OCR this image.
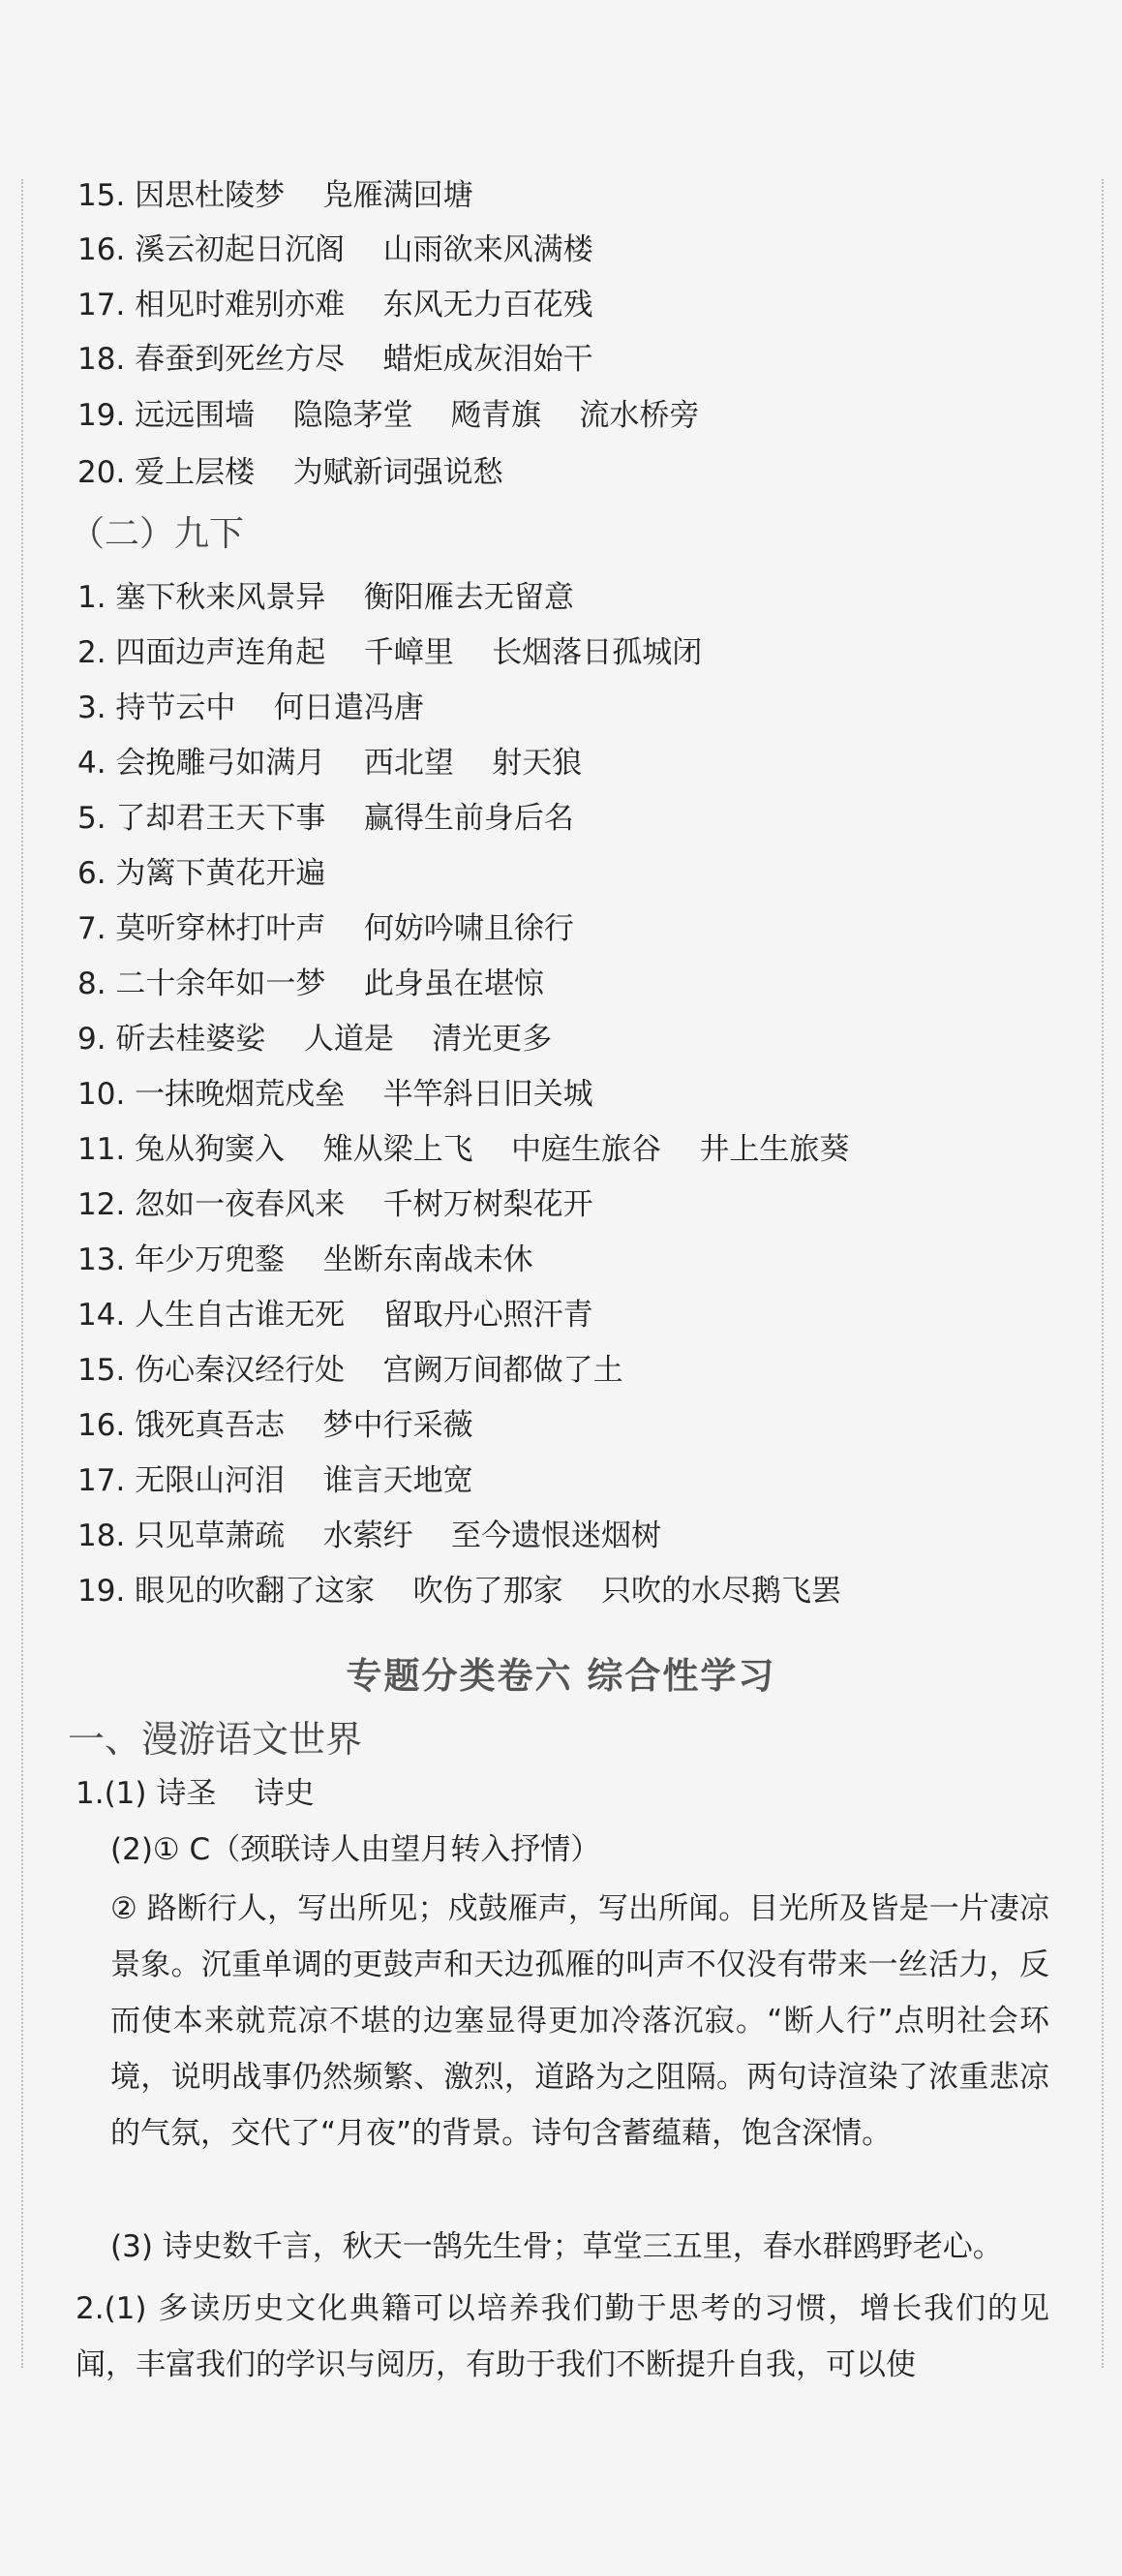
15. 因思杜陵梦    凫雁满回塘
16. 溪云初起日沉阁    山雨欲来风满楼
17. 相见时难别亦难    东风无力百花残
18. 春蚕到死丝方尽    蜡炬成灰泪始干
19. 远远围墙    隐隐茅堂    飏青旗    流水桥旁
20. 爱上层楼    为赋新词强说愁
（二）九下
1. 塞下秋来风景异    衡阳雁去无留意
2. 四面边声连角起    千嶂里    长烟落日孤城闭
3. 持节云中    何日遣冯唐
4. 会挽雕弓如满月    西北望    射天狼
5. 了却君王天下事    赢得生前身后名
6. 为篱下黄花开遍
7. 莫听穿林打叶声    何妨吟啸且徐行
8. 二十余年如一梦    此身虽在堪惊
9. 斫去桂婆娑    人道是    清光更多
10. 一抹晚烟荒戍垒    半竿斜日旧关城
11. 兔从狗窦入    雉从梁上飞    中庭生旅谷    井上生旅葵
12. 忽如一夜春风来    千树万树梨花开
13. 年少万兜鍪    坐断东南战未休
14. 人生自古谁无死    留取丹心照汗青
15. 伤心秦汉经行处    宫阙万间都做了土
16. 饿死真吾志    梦中行采薇
17. 无限山河泪    谁言天地宽
18. 只见草萧疏    水萦纡    至今遗恨迷烟树
19. 眼见的吹翻了这家    吹伤了那家    只吹的水尽鹅飞罢
专题分类卷六 综合性学习
一、漫游语文世界
1.(1) 诗圣    诗史
(2)① C（颈联诗人由望月转入抒情）
② 路断行人，写出所见；戍鼓雁声，写出所闻。目光所及皆是一片凄凉景象。沉重单调的更鼓声和天边孤雁的叫声不仅没有带来一丝活力，反而使本来就荒凉不堪的边塞显得更加冷落沉寂。“断人行”点明社会环境，说明战事仍然频繁、激烈，道路为之阻隔。两句诗渲染了浓重悲凉的气氛，交代了“月夜”的背景。诗句含蓄蕴藉，饱含深情。
(3) 诗史数千言，秋天一鹄先生骨；草堂三五里，春水群鸥野老心。
2.(1) 多读历史文化典籍可以培养我们勤于思考的习惯，增长我们的见闻，丰富我们的学识与阅历，有助于我们不断提升自我，可以使
